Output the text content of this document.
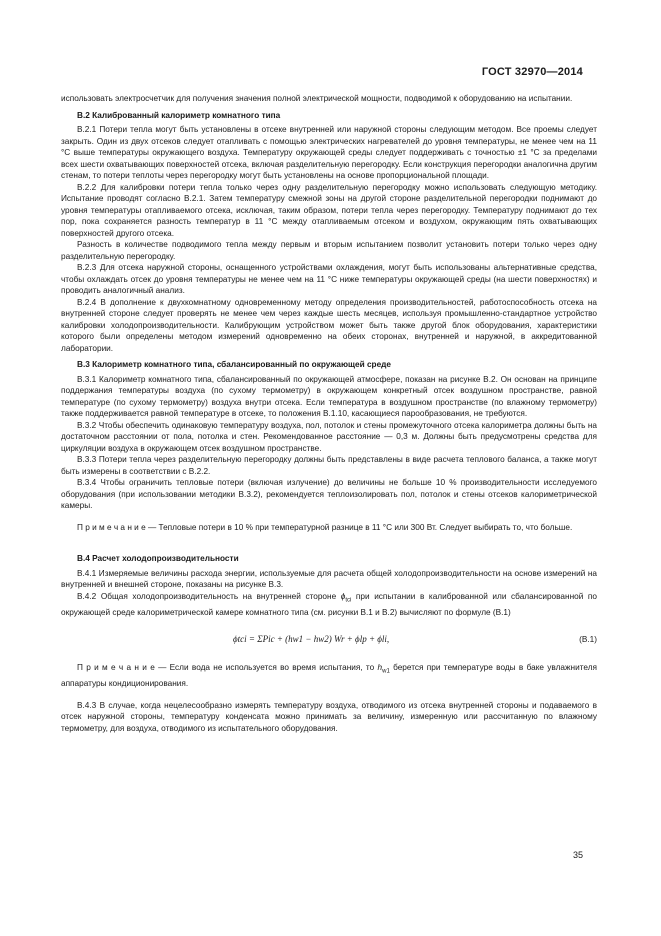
ГОСТ 32970—2014

использовать электросчетчик для получения значения полной электрической мощности, подводимой к оборудованию на испытании.

В.2 Калиброванный калориметр комнатного типа

В.2.1 Потери тепла могут быть установлены в отсеке внутренней или наружной стороны следующим методом. Все проемы следует закрыть. Один из двух отсеков следует отапливать с помощью электрических нагревателей до уровня температуры, не менее чем на 11 °С выше температуры окружающего воздуха. Температуру окружающей среды следует поддерживать с точностью ±1 °С за пределами всех шести охватывающих поверхностей отсека, включая разделительную перегородку. Если конструкция перегородки аналогична другим стенам, то потери теплоты через перегородку могут быть установлены на основе пропорциональной площади.

В.2.2 Для калибровки потери тепла только через одну разделительную перегородку можно использовать следующую методику. Испытание проводят согласно В.2.1. Затем температуру смежной зоны на другой стороне разделительной перегородки поднимают до уровня температуры отапливаемого отсека, исключая, таким образом, потери тепла через перегородку. Температуру поднимают до тех пор, пока сохраняется разность температур в 11 °С между отапливаемым отсеком и воздухом, окружающим пять охватывающих поверхностей другого отсека.

Разность в количестве подводимого тепла между первым и вторым испытанием позволит установить потери только через одну разделительную перегородку.

В.2.3 Для отсека наружной стороны, оснащенного устройствами охлаждения, могут быть использованы альтернативные средства, чтобы охлаждать отсек до уровня температуры не менее чем на 11 °С ниже температуры окружающей среды (на шести поверхностях) и проводить аналогичный анализ.

В.2.4 В дополнение к двухкомнатному одновременному методу определения производительностей, работоспособность отсека на внутренней стороне следует проверять не менее чем через каждые шесть месяцев, используя промышленно-стандартное устройство калибровки холодопроизводительности. Калибрующим устройством может быть также другой блок оборудования, характеристики которого были определены методом измерений одновременно на обеих сторонах, внутренней и наружной, в аккредитованной лаборатории.

В.3 Калориметр комнатного типа, сбалансированный по окружающей среде

В.3.1 Калориметр комнатного типа, сбалансированный по окружающей атмосфере, показан на рисунке В.2. Он основан на принципе поддержания температуры воздуха (по сухому термометру) в окружающем конкретный отсек воздушном пространстве, равной температуре (по сухому термометру) воздуха внутри отсека. Если температура в воздушном пространстве (по влажному термометру) также поддерживается равной температуре в отсеке, то положения В.1.10, касающиеся парообразования, не требуются.

В.3.2 Чтобы обеспечить одинаковую температуру воздуха, пол, потолок и стены промежуточного отсека калориметра должны быть на достаточном расстоянии от пола, потолка и стен. Рекомендованное расстояние — 0,3 м. Должны быть предусмотрены средства для циркуляции воздуха в окружающем отсек воздушном пространстве.

В.3.3 Потери тепла через разделительную перегородку должны быть представлены в виде расчета теплового баланса, а также могут быть измерены в соответствии с В.2.2.

В.3.4 Чтобы ограничить тепловые потери (включая излучение) до величины не больше 10 % производительности исследуемого оборудования (при использовании методики В.3.2), рекомендуется теплоизолировать пол, потолок и стены отсеков калориметрической камеры.

П р и м е ч а н и е — Тепловые потери в 10 % при температурной разнице в 11 °С или 300 Вт. Следует выбирать то, что больше.

В.4 Расчет холодопроизводительности

В.4.1 Измеряемые величины расхода энергии, используемые для расчета общей холодопроизводительности на основе измерений на внутренней и внешней стороне, показаны на рисунке В.3.

В.4.2 Общая холодопроизводительность на внутренней стороне $\phi_{tci}$ при испытании в калиброванной или сбалансированной по окружающей среде калориметрической камере комнатного типа (см. рисунки В.1 и В.2) вычисляют по формуле (В.1)

ϕtci = ΣPic + (hw1 − hw2) Wr + ϕlp + ϕli,	(В.1)

П р и м е ч а н и е — Если вода не используется во время испытания, то $h_{w1}$ берется при температуре воды в баке увлажнителя аппаратуры кондиционирования.

В.4.3 В случае, когда нецелесообразно измерять температуру воздуха, отводимого из отсека внутренней стороны и подаваемого в отсек наружной стороны, температуру конденсата можно принимать за величину, измеренную или рассчитанную по влажному термометру, для воздуха, отводимого из испытательного оборудования.

35
